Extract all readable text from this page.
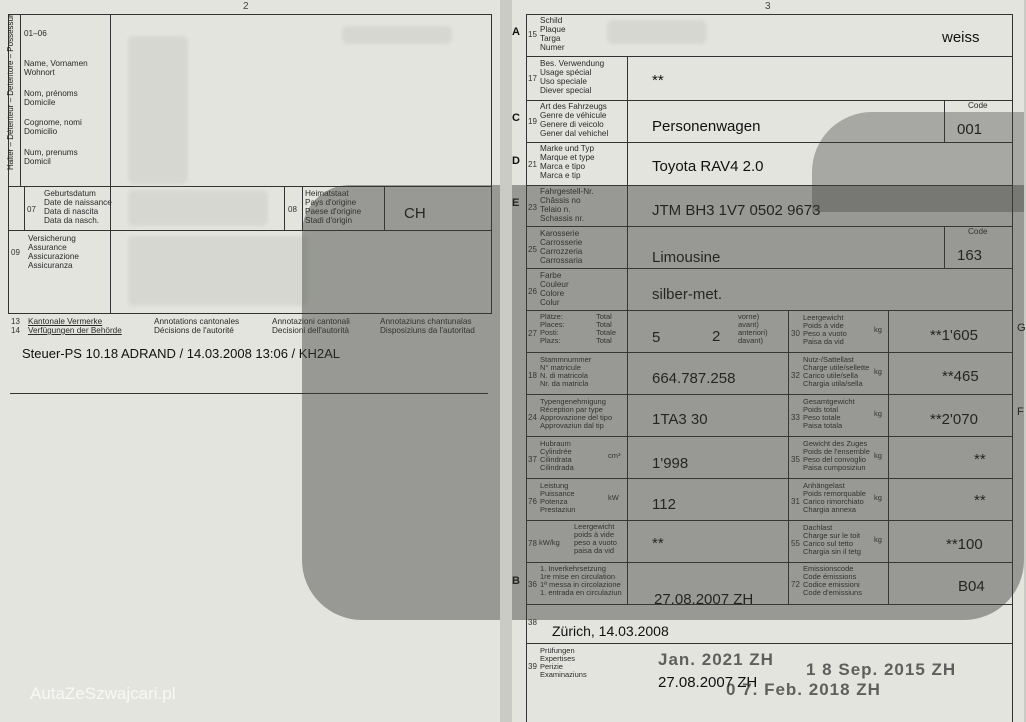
2
Halter – Détenteur – Detentore – Possessur 01–06
Name, Vornamen
Wohnort
Nom, prénoms
Domicile
Cognome, nomi
Domicilio
Num, prenums
Domicil
07
Geburtsdatum
Date de naissance
Data di nascita
Data da nasch.
08
Heimatstaat
Pays d'origine
Paese d'origine
Stadi d'origin	CH
09
Versicherung
Assurance
Assicurazione
Assicuranza
13
14
Kantonale Vermerke
Verfügungen der Behörde
Annotations cantonales
Décisions de l'autorité
Annotazioni cantonali
Decisioni dell'autorità
Annotaziuns chantunalas
Disposiziuns da l'autoritad
Steuer-PS 10.18 ADRAND / 14.03.2008 13:06 / KH2AL
AutaZeSzwajcari.pl
3
A
C
D
E
B
15
Schild
Plaque
Targa
Numer
weiss
17
Bes. Verwendung
Usage spécial
Uso speciale
Diever special
**
19
Art des Fahrzeugs
Genre de véhicule
Genere di veicolo
Gener dal vehichel	Personenwagen
Code
001
21
Marke und Typ
Marque et type
Marca e tipo
Marca e tip
Toyota RAV4 2.0
23
Fahrgestell-Nr.
Châssis no
Telaio n.
Schassis nr.	JTM BH3 1V7 0502 9673
25
Karosserie
Carrosserie
Carrozzeria
Carrossaria	Limousine
Code
163
26
Farbe
Couleur
Colore
Colur	silber-met.
27
Plätze:
Places:
Posti:
Plazs:
Total
Total
Totale
Total	5	2
vorne)
avant)
anteriori)
davant)
18
Stammnummer
N° matricule
N. di matricola
Nr. da matricla	664.787.258
24
Typengenehmigung
Réception par type
Approvazione del tipo
Approvaziun dal tip	1TA3 30
37
Hubraum
Cylindrée
Cilindrata
Cilindrada
cm³ 1'998
76
Leistung
Puissance
Potenza
Prestaziun
kW 112
78 kW/kg
Leergewicht
poids à vide
peso a vuoto
paisa da vid	**
30
Leergewicht
Poids à vide
Peso a vuoto
Paisa da vid
kg	**1'605
32
Nutz-/Sattellast
Charge utile/sellette
Carico utile/sella
Chargia utila/sella
kg	**465
33
Gesamtgewicht
Poids total
Peso totale
Paisa totala
kg	**2'070
35
Gewicht des Zuges
Poids de l'ensemble
Peso del convoglio
Paisa cumposiziun
kg	**
31
Anhängelast
Poids remorquable
Carico rimorchiato
Chargia annexa
kg	**
55
Dachlast
Charge sur le toit
Carico sul tetto
Chargia sin il tetg
kg	**100
36
1. Inverkehrsetzung
1re mise en circulation
1ª messa in circolazione
1. entrada en circulaziun 27.08.2007 ZH
72
Emissionscode
Code émissions
Codice emissioni
Code d'emissiuns	B04
G
F
38
Zürich, 14.03.2008
39
Prüfungen
Expertises
Perizie
Examinaziuns
Jan. 2021 ZH
1 8 Sep. 2015 ZH
27.08.2007 ZH
0 7. Feb. 2018 ZH
